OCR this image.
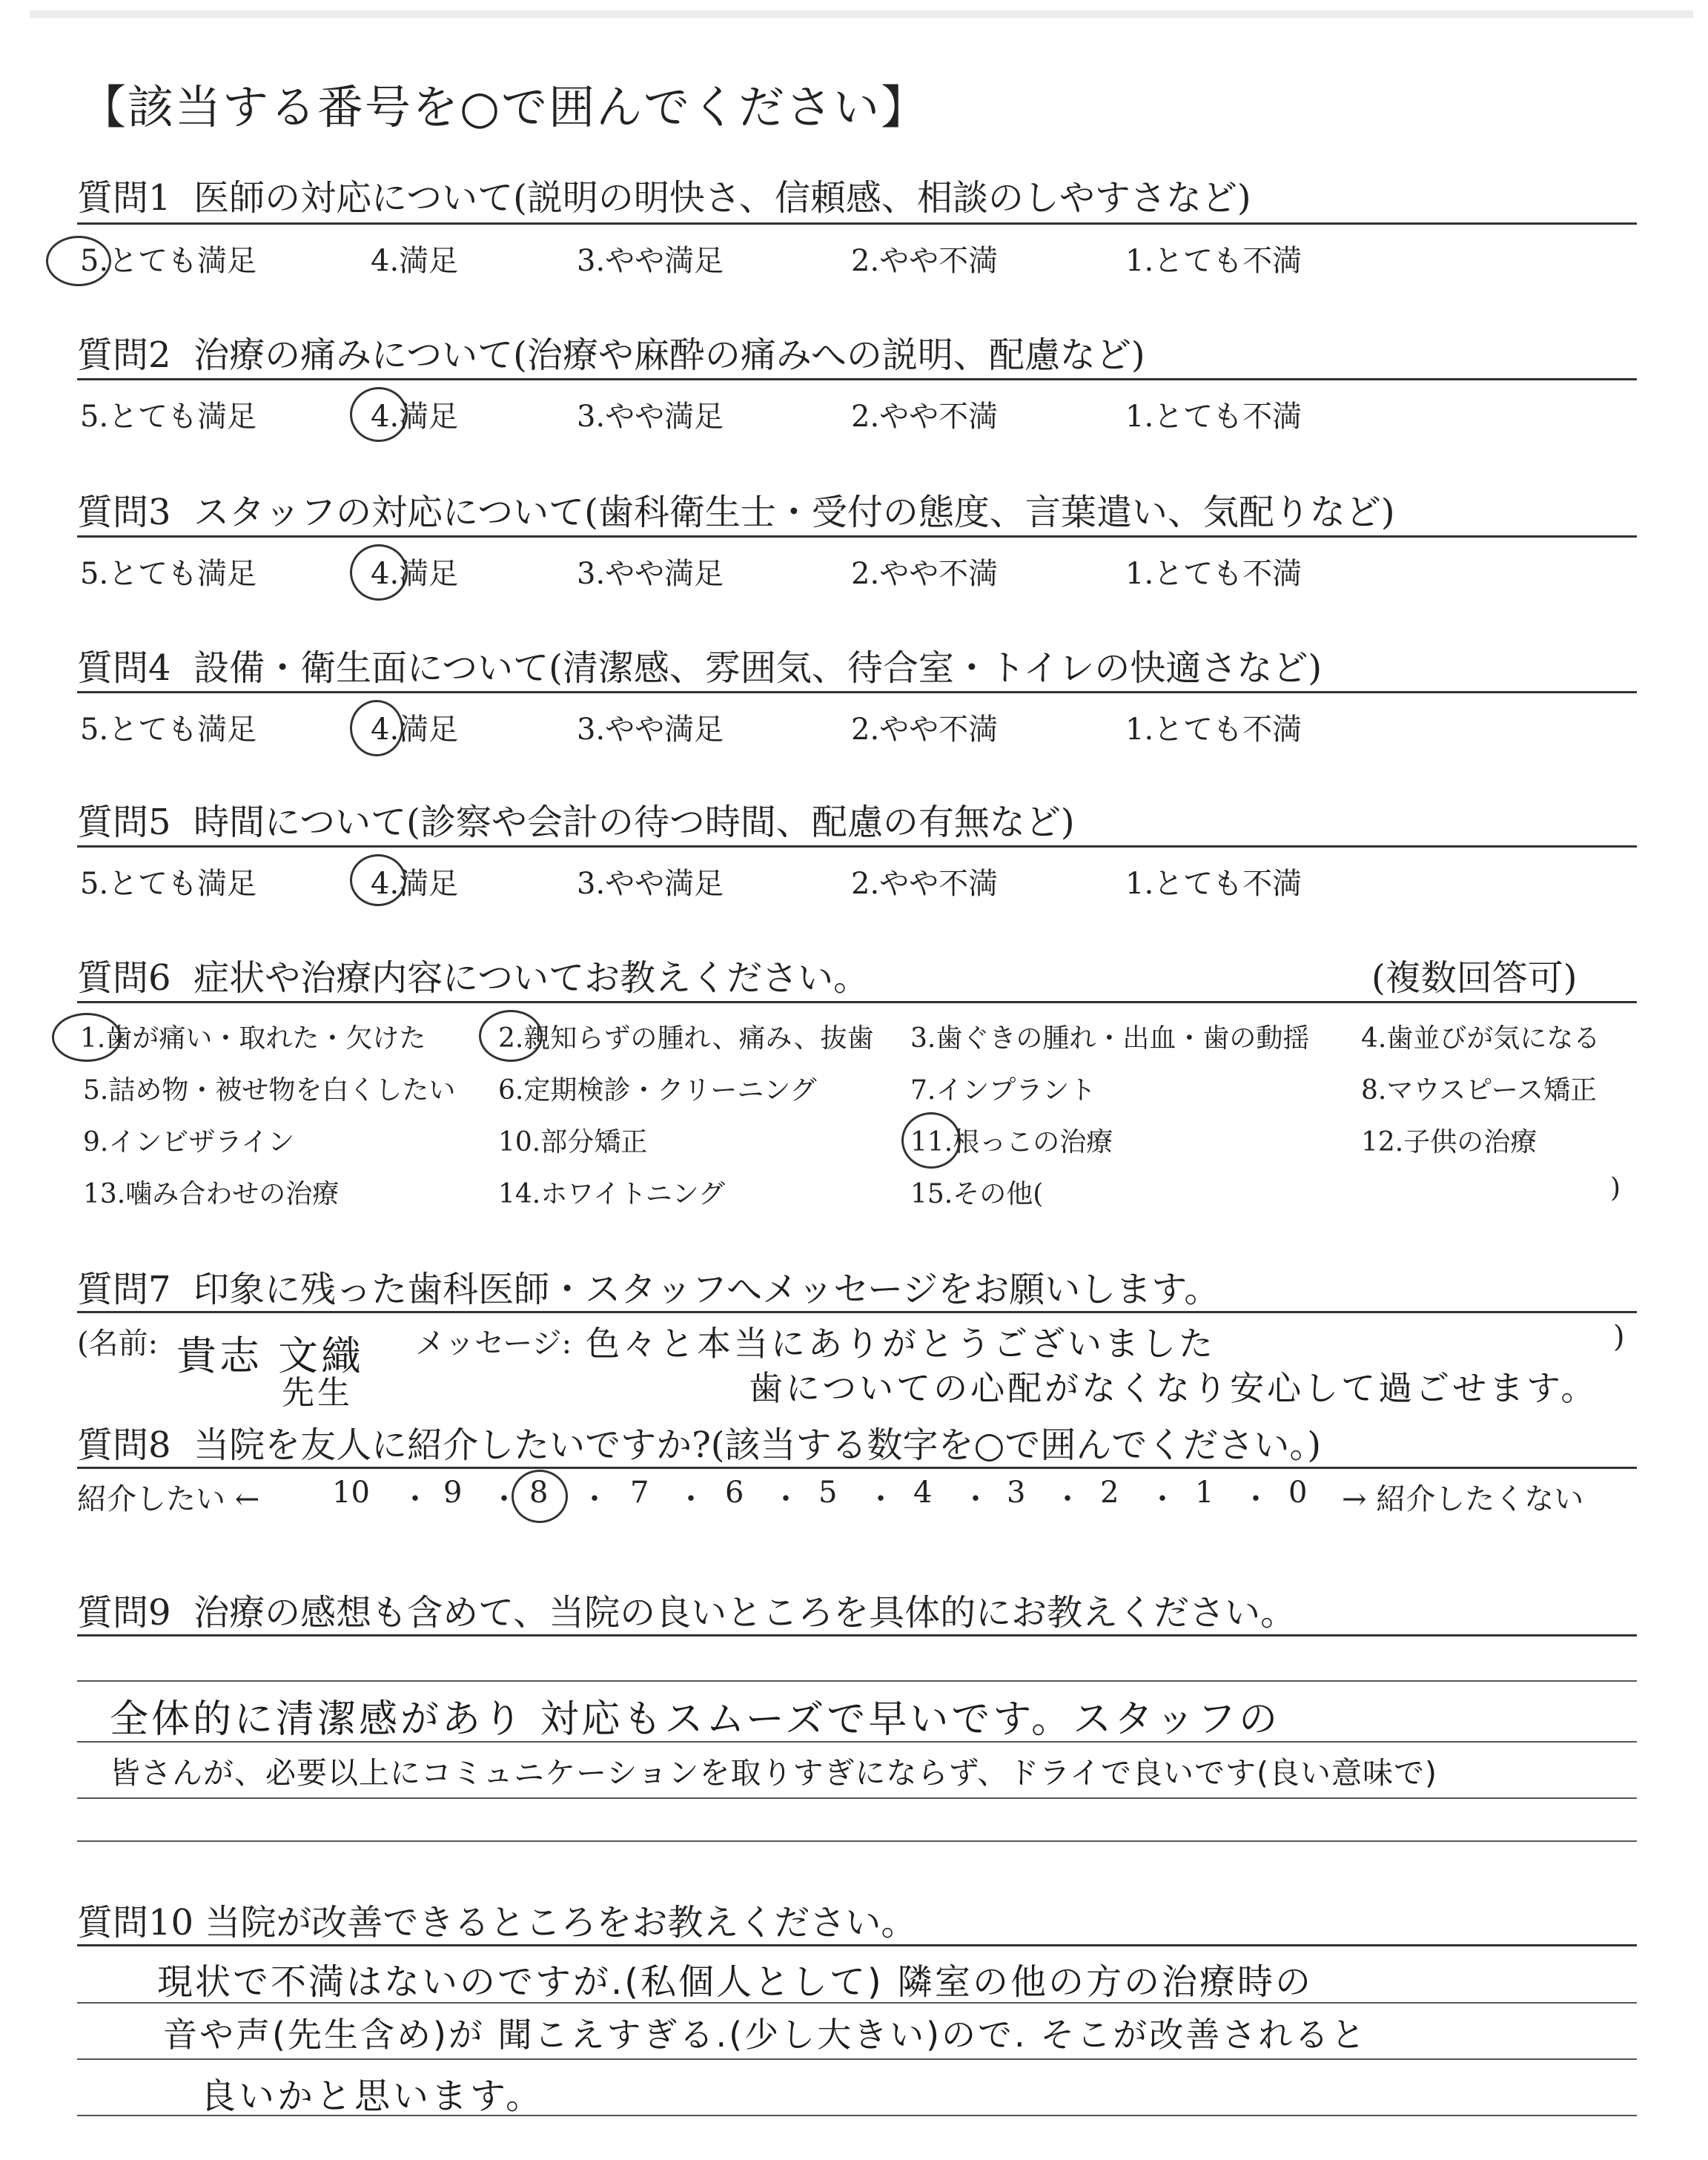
【該当する番号を○で囲んでください】
質問1 医師の対応について(説明の明快さ、信頼感、相談のしやすさなど)
5.とても満足	4.満足	3.やや満足	2.やや不満	1.とても不満
質問2 治療の痛みについて(治療や麻酔の痛みへの説明、配慮など)
5.とても満足	4.満足	3.やや満足	2.やや不満	1.とても不満
質問3 スタッフの対応について(歯科衛生士・受付の態度、言葉遣い、気配りなど)
5.とても満足	4.満足	3.やや満足	2.やや不満	1.とても不満
質問4 設備・衛生面について(清潔感、雰囲気、待合室・トイレの快適さなど)
5.とても満足	4.満足	3.やや満足	2.やや不満	1.とても不満
質問5 時間について(診察や会計の待つ時間、配慮の有無など)
5.とても満足	4.満足	3.やや満足	2.やや不満	1.とても不満
質問6 症状や治療内容についてお教えください。	(複数回答可)
1.歯が痛い・取れた・欠けた	2.親知らずの腫れ、痛み、抜歯 3.歯ぐきの腫れ・出血・歯の動揺 4.歯並びが気になる
5.詰め物・被せ物を白くしたい 6.定期検診・クリーニング	7.インプラント	8.マウスピース矯正
9.インビザライン	10.部分矯正	11.根っこの治療	12.子供の治療
13.噛み合わせの治療	14.ホワイトニング	15.その他(	)
質問7 印象に残った歯科医師・スタッフへメッセージをお願いします。
(名前:	メッセージ:	)
貴志 文織
先生
色々と本当にありがとうございました
歯についての心配がなくなり安心して過ごせます。
質問8 当院を友人に紹介したいですか?(該当する数字を○で囲んでください。)
紹介したい ←	→ 紹介したくない
10 ・ 9 ・ 8 ・ 7 ・ 6 ・ 5 ・ 4 ・ 3 ・ 2 ・ 1 ・ 0
質問9 治療の感想も含めて、当院の良いところを具体的にお教えください。
全体的に清潔感があり 対応もスムーズで早いです。スタッフの
皆さんが、必要以上にコミュニケーションを取りすぎにならず、ドライで良いです(良い意味で)
質問10 当院が改善できるところをお教えください。
現状で不満はないのですが.(私個人として) 隣室の他の方の治療時の
音や声(先生含め)が 聞こえすぎる.(少し大きい)ので. そこが改善されると
良いかと思います。
